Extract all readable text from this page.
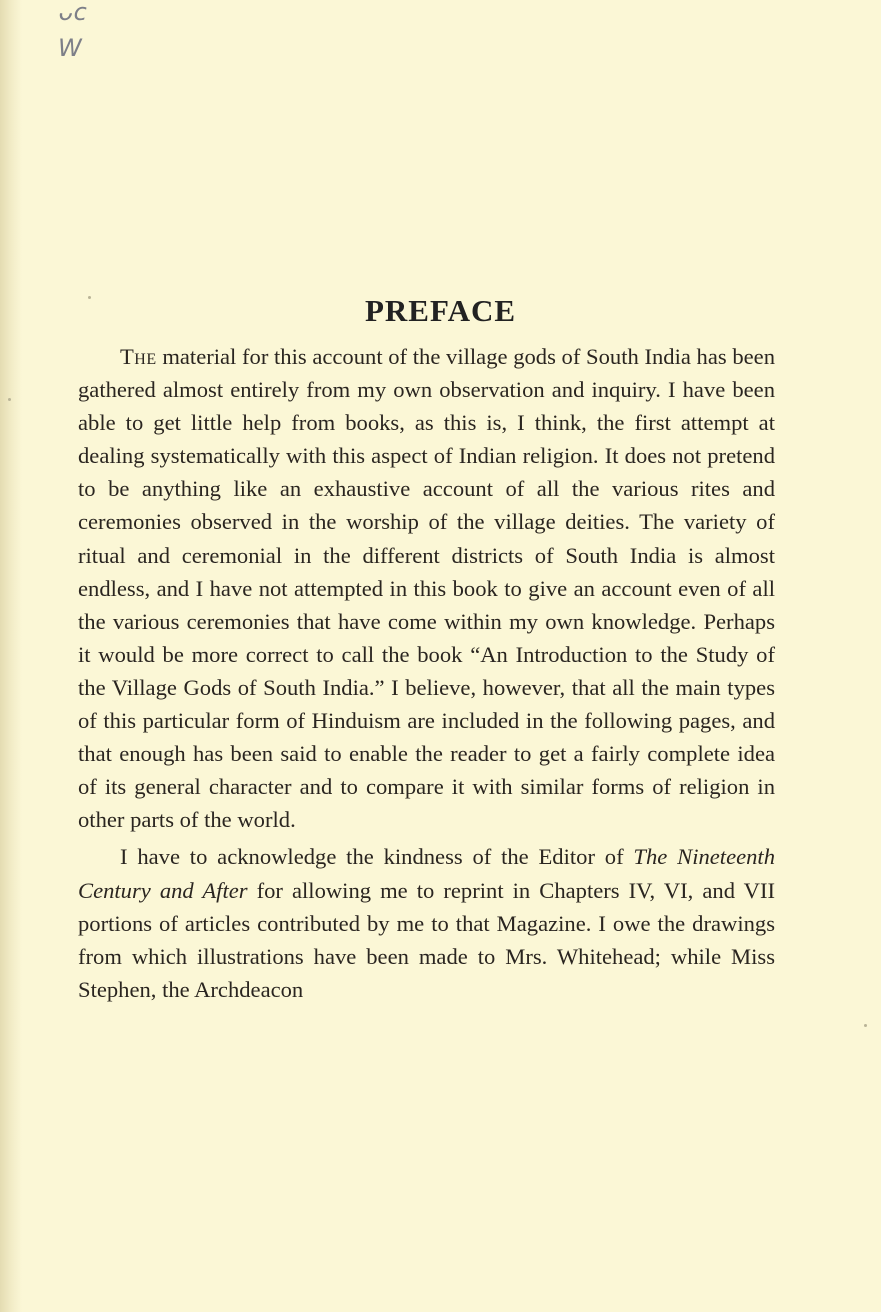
ᴗᴄ
W
PREFACE

The material for this account of the village gods of South India has been gathered almost entirely from my own observation and inquiry. I have been able to get little help from books, as this is, I think, the first attempt at dealing systematically with this aspect of Indian religion. It does not pretend to be anything like an exhaustive account of all the various rites and ceremonies observed in the worship of the village deities. The variety of ritual and ceremonial in the different districts of South India is almost endless, and I have not attempted in this book to give an account even of all the various ceremonies that have come within my own knowledge. Perhaps it would be more correct to call the book “An Introduction to the Study of the Village Gods of South India.” I believe, however, that all the main types of this particular form of Hinduism are included in the following pages, and that enough has been said to enable the reader to get a fairly complete idea of its general character and to compare it with similar forms of religion in other parts of the world.

I have to acknowledge the kindness of the Editor of The Nineteenth Century and After for allowing me to reprint in Chapters IV, VI, and VII portions of articles contributed by me to that Magazine. I owe the drawings from which illustrations have been made to Mrs. Whitehead; while Miss Stephen, the Archdeacon
